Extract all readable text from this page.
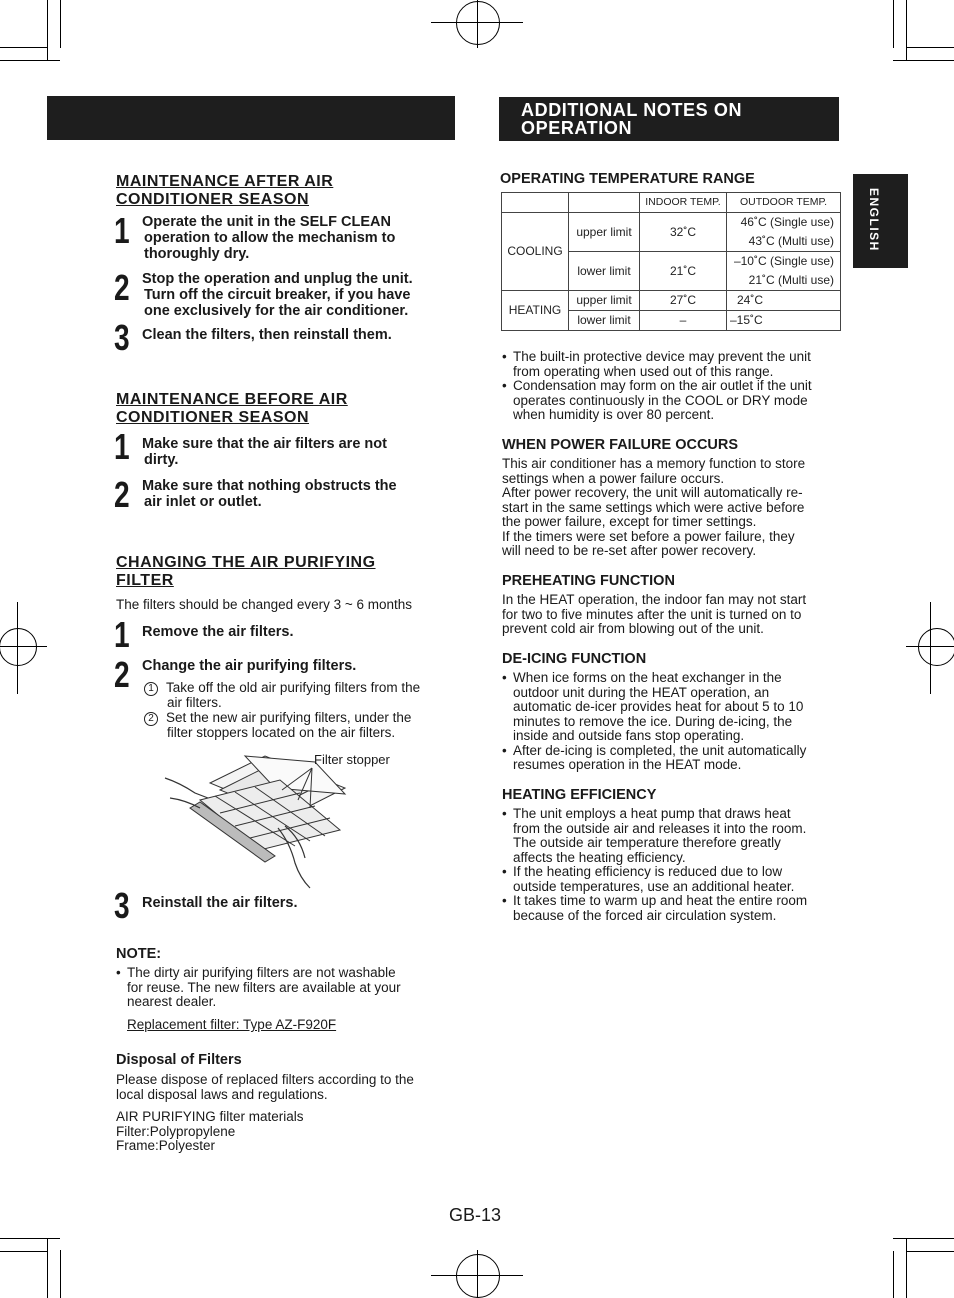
ADDITIONAL NOTES ON
OPERATION
ENGLISH
MAINTENANCE AFTER AIR
CONDITIONER SEASON
1 Operate the unit in the SELF CLEAN

operation to allow the mechanism to
thoroughly dry.
2 Stop the operation and unplug the unit.

Turn off the circuit breaker, if you have
one exclusively for the air conditioner.
3 Clean the filters, then reinstall them.
MAINTENANCE BEFORE AIR
CONDITIONER SEASON
1 Make sure that the air filters are not

dirty.
2 Make sure that nothing obstructs the

air inlet or outlet.
CHANGING THE AIR PURIFYING
FILTER
The filters should be changed every 3 ~ 6 months
1 Remove the air filters.
2 Change the air purifying filters.
1 Take off the old air purifying filters from the
air filters.
2 Set the new air purifying filters, under the
filter stoppers located on the air filters.
Filter stopper
3 Reinstall the air filters.
NOTE:
• The dirty air purifying filters are not washable
for reuse. The new filters are available at your
nearest dealer.
Replacement filter: Type AZ-F920F
Disposal of Filters
Please dispose of replaced filters according to the
local disposal laws and regulations.
AIR PURIFYING filter materials
Filter:Polypropylene
Frame:Polyester
OPERATING TEMPERATURE RANGE
		INDOOR TEMP.	OUTDOOR TEMP.
COOLING	upper limit	32˚C	46˚C (Single use)
			43˚C (Multi use)
	lower limit	21˚C	–10˚C (Single use)
			21˚C (Multi use)
HEATING	upper limit	27˚C	24˚C
	lower limit	–	–15˚C
• The built-in protective device may prevent the unit
from operating when used out of this range.
• Condensation may form on the air outlet if the unit
operates continuously in the COOL or DRY mode
when humidity is over 80 percent.
WHEN POWER FAILURE OCCURS
This air conditioner has a memory function to store
settings when a power failure occurs.
After power recovery, the unit will automatically re-
start in the same settings which were active before
the power failure, except for timer settings.
If the timers were set before a power failure, they
will need to be re-set after power recovery.
PREHEATING FUNCTION
In the HEAT operation, the indoor fan may not start
for two to five minutes after the unit is turned on to
prevent cold air from blowing out of the unit.
DE-ICING FUNCTION
• When ice forms on the heat exchanger in the
outdoor unit during the HEAT operation, an
automatic de-icer provides heat for about 5 to 10
minutes to remove the ice. During de-icing, the
inside and outside fans stop operating.
• After de-icing is completed, the unit automatically
resumes operation in the HEAT mode.
HEATING EFFICIENCY
• The unit employs a heat pump that draws heat
from the outside air and releases it into the room.
The outside air temperature therefore greatly
affects the heating efficiency.
• If the heating efficiency is reduced due to low
outside temperatures, use an additional heater.
• It takes time to warm up and heat the entire room
because of the forced air circulation system.
GB-13
